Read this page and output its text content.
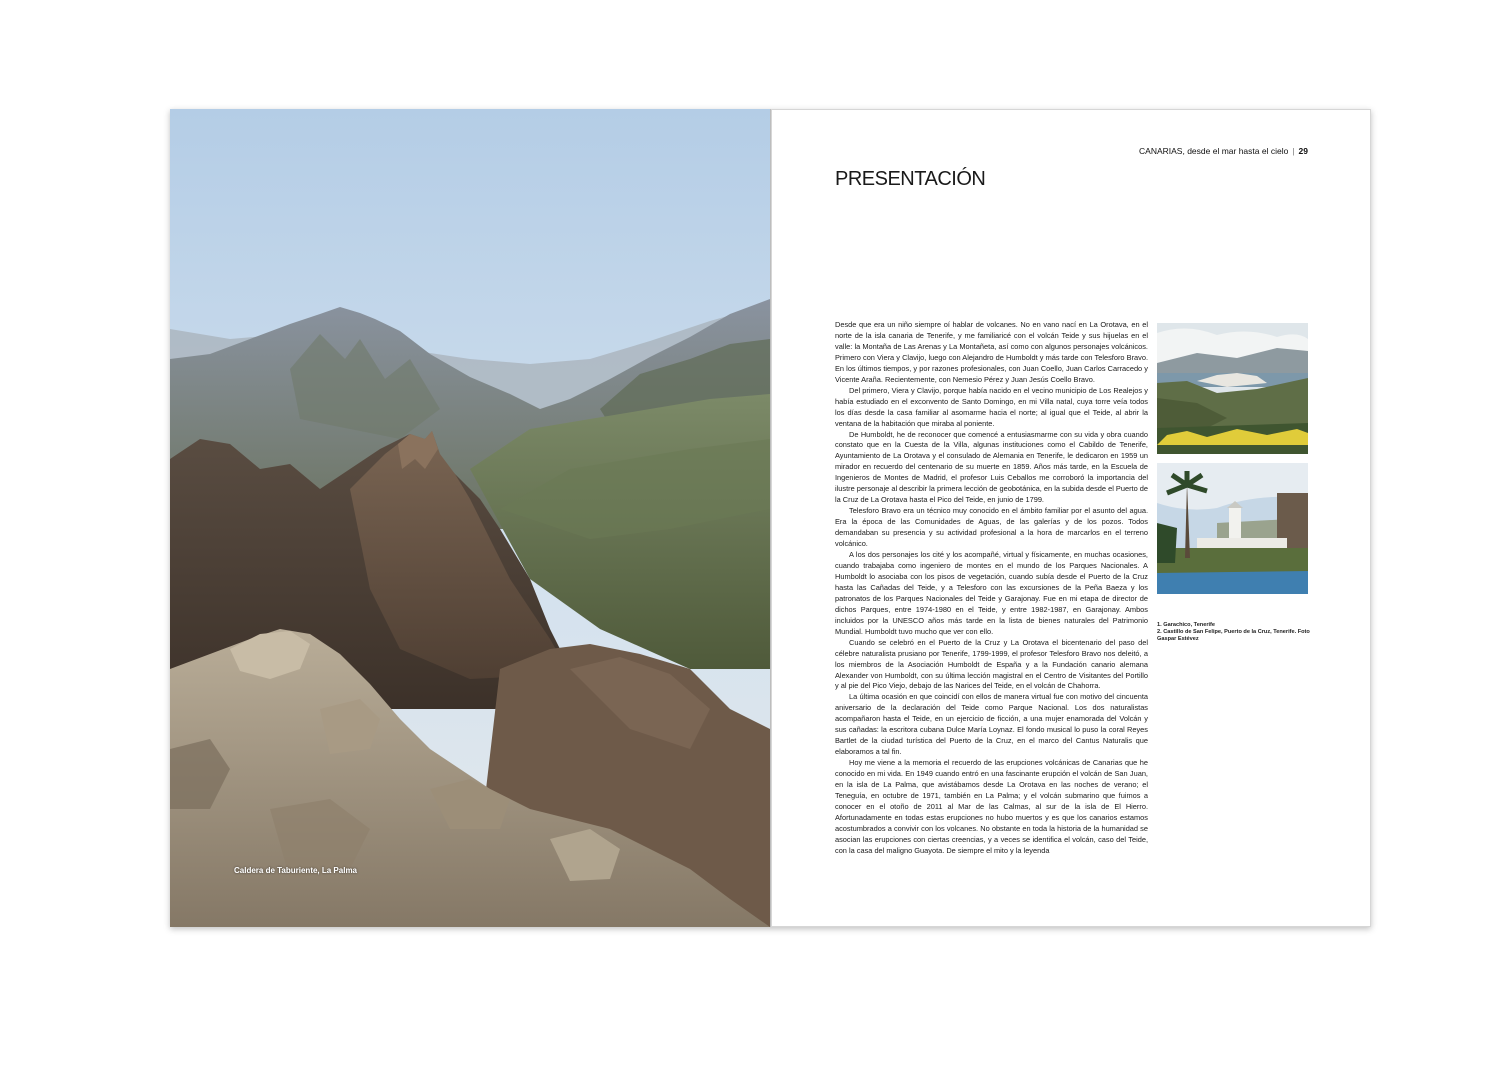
Caldera de Taburiente, La Palma
CANARIAS, desde el mar hasta el cielo | 29
PRESENTACIÓN

Desde que era un niño siempre oí hablar de volcanes. No en vano nací en La Orotava, en el norte de la isla canaria de Tenerife, y me familiaricé con el volcán Teide y sus hijuelas en el valle: la Montaña de Las Arenas y La Montañeta, así como con algunos personajes volcánicos. Primero con Viera y Clavijo, luego con Alejandro de Humboldt y más tarde con Telesforo Bravo. En los últimos tiempos, y por razones profesionales, con Juan Coello, Juan Carlos Carracedo y Vicente Araña. Recientemente, con Nemesio Pérez y Juan Jesús Coello Bravo.

Del primero, Viera y Clavijo, porque había nacido en el vecino municipio de Los Realejos y había estudiado en el exconvento de Santo Domingo, en mi Villa natal, cuya torre veía todos los días desde la casa familiar al asomarme hacia el norte; al igual que el Teide, al abrir la ventana de la habitación que miraba al poniente.

De Humboldt, he de reconocer que comencé a entusiasmarme con su vida y obra cuando constato que en la Cuesta de la Villa, algunas instituciones como el Cabildo de Tenerife, Ayuntamiento de La Orotava y el consulado de Alemania en Tenerife, le dedicaron en 1959 un mirador en recuerdo del centenario de su muerte en 1859. Años más tarde, en la Escuela de Ingenieros de Montes de Madrid, el profesor Luis Ceballos me corroboró la importancia del ilustre personaje al describir la primera lección de geobotánica, en la subida desde el Puerto de la Cruz de La Orotava hasta el Pico del Teide, en junio de 1799.

Telesforo Bravo era un técnico muy conocido en el ámbito familiar por el asunto del agua. Era la época de las Comunidades de Aguas, de las galerías y de los pozos. Todos demandaban su presencia y su actividad profesional a la hora de marcarlos en el terreno volcánico.

A los dos personajes los cité y los acompañé, virtual y físicamente, en muchas ocasiones, cuando trabajaba como ingeniero de montes en el mundo de los Parques Nacionales. A Humboldt lo asociaba con los pisos de vegetación, cuando subía desde el Puerto de la Cruz hasta las Cañadas del Teide, y a Telesforo con las excursiones de la Peña Baeza y los patronatos de los Parques Nacionales del Teide y Garajonay. Fue en mi etapa de director de dichos Parques, entre 1974-1980 en el Teide, y entre 1982-1987, en Garajonay. Ambos incluidos por la UNESCO años más tarde en la lista de bienes naturales del Patrimonio Mundial. Humboldt tuvo mucho que ver con ello.

Cuando se celebró en el Puerto de la Cruz y La Orotava el bicentenario del paso del célebre naturalista prusiano por Tenerife, 1799-1999, el profesor Telesforo Bravo nos deleitó, a los miembros de la Asociación Humboldt de España y a la Fundación canario alemana Alexander von Humboldt, con su última lección magistral en el Centro de Visitantes del Portillo y al pie del Pico Viejo, debajo de las Narices del Teide, en el volcán de Chahorra.

La última ocasión en que coincidí con ellos de manera virtual fue con motivo del cincuenta aniversario de la declaración del Teide como Parque Nacional. Los dos naturalistas acompañaron hasta el Teide, en un ejercicio de ficción, a una mujer enamorada del Volcán y sus cañadas: la escritora cubana Dulce María Loynaz. El fondo musical lo puso la coral Reyes Bartlet de la ciudad turística del Puerto de la Cruz, en el marco del Cantus Naturalis que elaboramos a tal fin.

Hoy me viene a la memoria el recuerdo de las erupciones volcánicas de Canarias que he conocido en mi vida. En 1949 cuando entró en una fascinante erupción el volcán de San Juan, en la isla de La Palma, que avistábamos desde La Orotava en las noches de verano; el Teneguía, en octubre de 1971, también en La Palma; y el volcán submarino que fuimos a conocer en el otoño de 2011 al Mar de las Calmas, al sur de la isla de El Hierro. Afortunadamente en todas estas erupciones no hubo muertos y es que los canarios estamos acostumbrados a convivir con los volcanes. No obstante en toda la historia de la humanidad se asocian las erupciones con ciertas creencias, y a veces se identifica el volcán, caso del Teide, con la casa del maligno Guayota. De siempre el mito y la leyenda

1. Garachico, Tenerife
2. Castillo de San Felipe, Puerto de la Cruz, Tenerife. Foto Gaspar Estévez
